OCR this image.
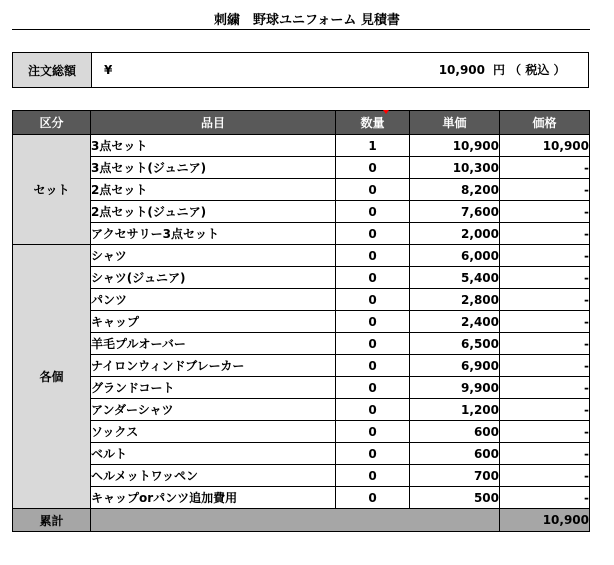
刺繍　野球ユニフォーム 見積書
注文総額	¥	10,900 円 （ 税込 ）
区分	品目	数量	単価	価格
セット	3点セット	1	10,900	10,900
	3点セット(ジュニア)	0	10,300	-
	2点セット	0	8,200	-
	2点セット(ジュニア)	0	7,600	-
	アクセサリー3点セット	0	2,000	-
各個	シャツ	0	6,000	-
	シャツ(ジュニア)	0	5,400	-
	パンツ	0	2,800	-
	キャップ	0	2,400	-
	羊毛プルオーバー	0	6,500	-
	ナイロンウィンドブレーカー	0	6,900	-
	グランドコート	0	9,900	-
	アンダーシャツ	0	1,200	-
	ソックス	0	600	-
	ベルト	0	600	-
	ヘルメットワッペン	0	700	-
	キャップorパンツ追加費用	0	500	-
累計				10,900
